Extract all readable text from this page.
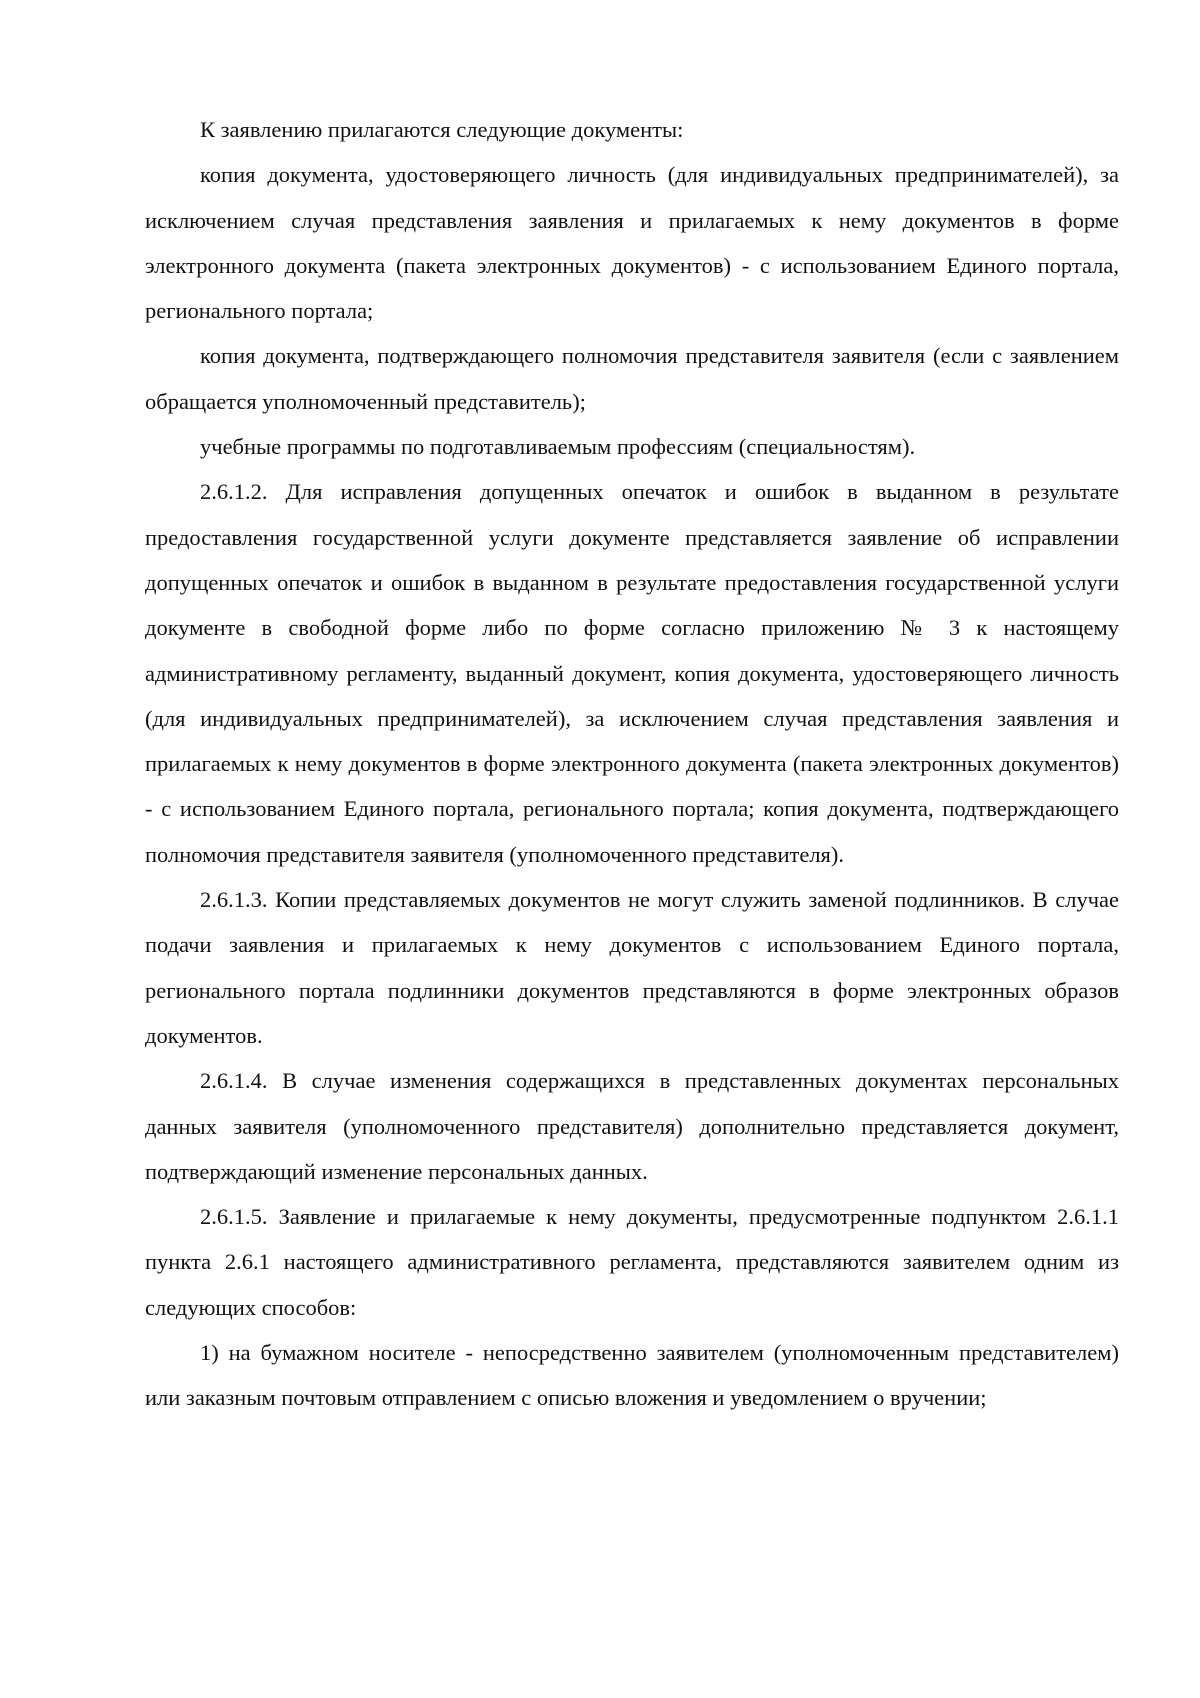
К заявлению прилагаются следующие документы:

копия документа, удостоверяющего личность (для индивидуальных предпринимателей), за исключением случая представления заявления и прилагаемых к нему документов в форме электронного документа (пакета электронных документов) - с использованием Единого портала, регионального портала;

копия документа, подтверждающего полномочия представителя заявителя (если с заявлением обращается уполномоченный представитель);

учебные программы по подготавливаемым профессиям (специальностям).

2.6.1.2. Для исправления допущенных опечаток и ошибок в выданном в результате предоставления государственной услуги документе представляется заявление об исправлении допущенных опечаток и ошибок в выданном в результате предоставления государственной услуги документе в свободной форме либо по форме согласно приложению № 3 к настоящему административному регламенту, выданный документ, копия документа, удостоверяющего личность (для индивидуальных предпринимателей), за исключением случая представления заявления и прилагаемых к нему документов в форме электронного документа (пакета электронных документов) - с использованием Единого портала, регионального портала; копия документа, подтверждающего полномочия представителя заявителя (уполномоченного представителя).

2.6.1.3. Копии представляемых документов не могут служить заменой подлинников. В случае подачи заявления и прилагаемых к нему документов с использованием Единого портала, регионального портала подлинники документов представляются в форме электронных образов документов.

2.6.1.4. В случае изменения содержащихся в представленных документах персональных данных заявителя (уполномоченного представителя) дополнительно представляется документ, подтверждающий изменение персональных данных.

2.6.1.5. Заявление и прилагаемые к нему документы, предусмотренные подпунктом 2.6.1.1 пункта 2.6.1 настоящего административного регламента, представляются заявителем одним из следующих способов:

1) на бумажном носителе - непосредственно заявителем (уполномоченным представителем) или заказным почтовым отправлением с описью вложения и уведомлением о вручении;
